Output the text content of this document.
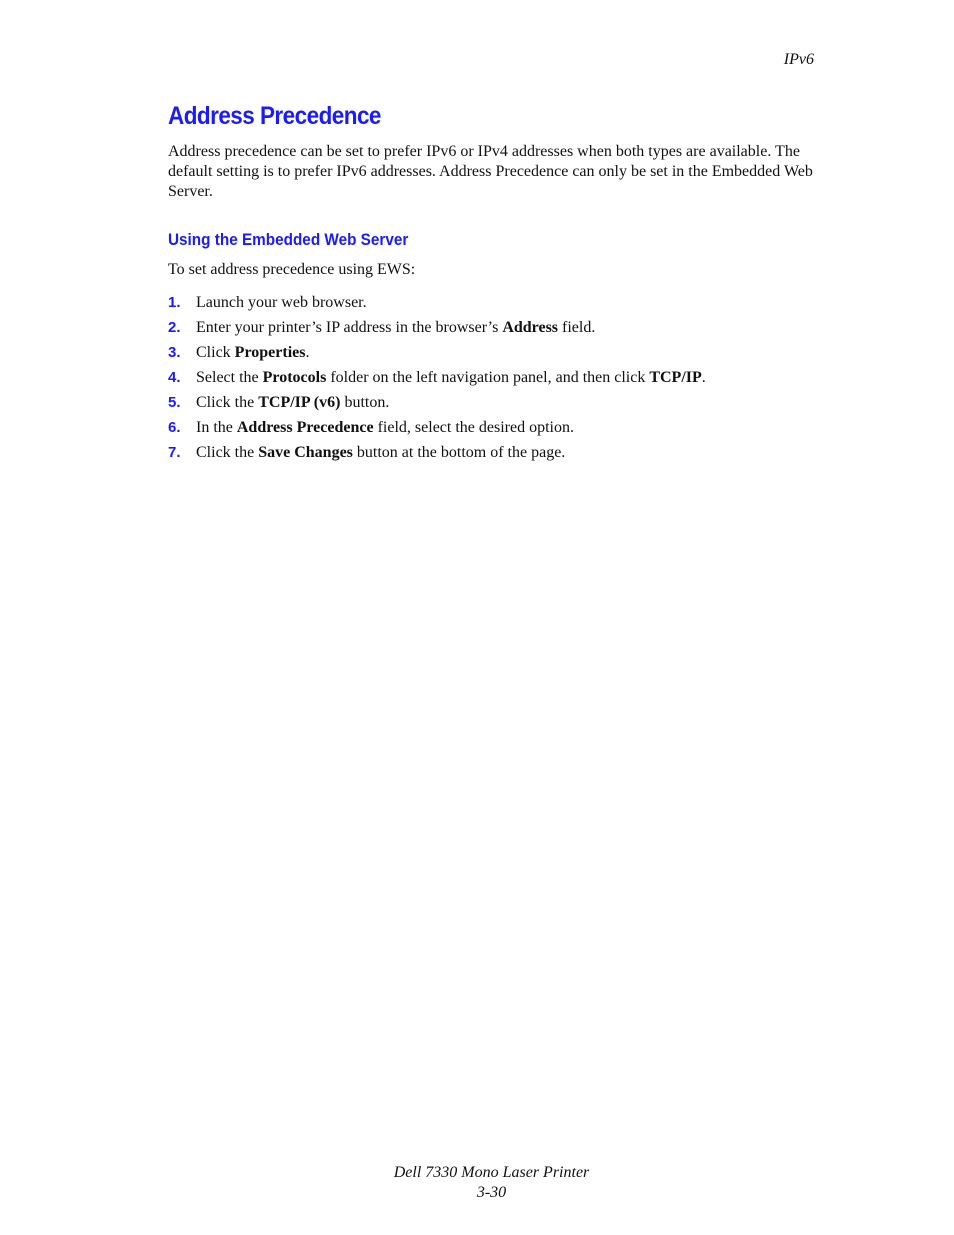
IPv6
Address Precedence

Address precedence can be set to prefer IPv6 or IPv4 addresses when both types are available. The default setting is to prefer IPv6 addresses. Address Precedence can only be set in the Embedded Web Server.

Using the Embedded Web Server

To set address precedence using EWS:

1. Launch your web browser.
2. Enter your printer’s IP address in the browser’s Address field.
3. Click Properties.
4. Select the Protocols folder on the left navigation panel, and then click TCP/IP.
5. Click the TCP/IP (v6) button.
6. In the Address Precedence field, select the desired option.
7. Click the Save Changes button at the bottom of the page.
Dell 7330 Mono Laser Printer
3-30
